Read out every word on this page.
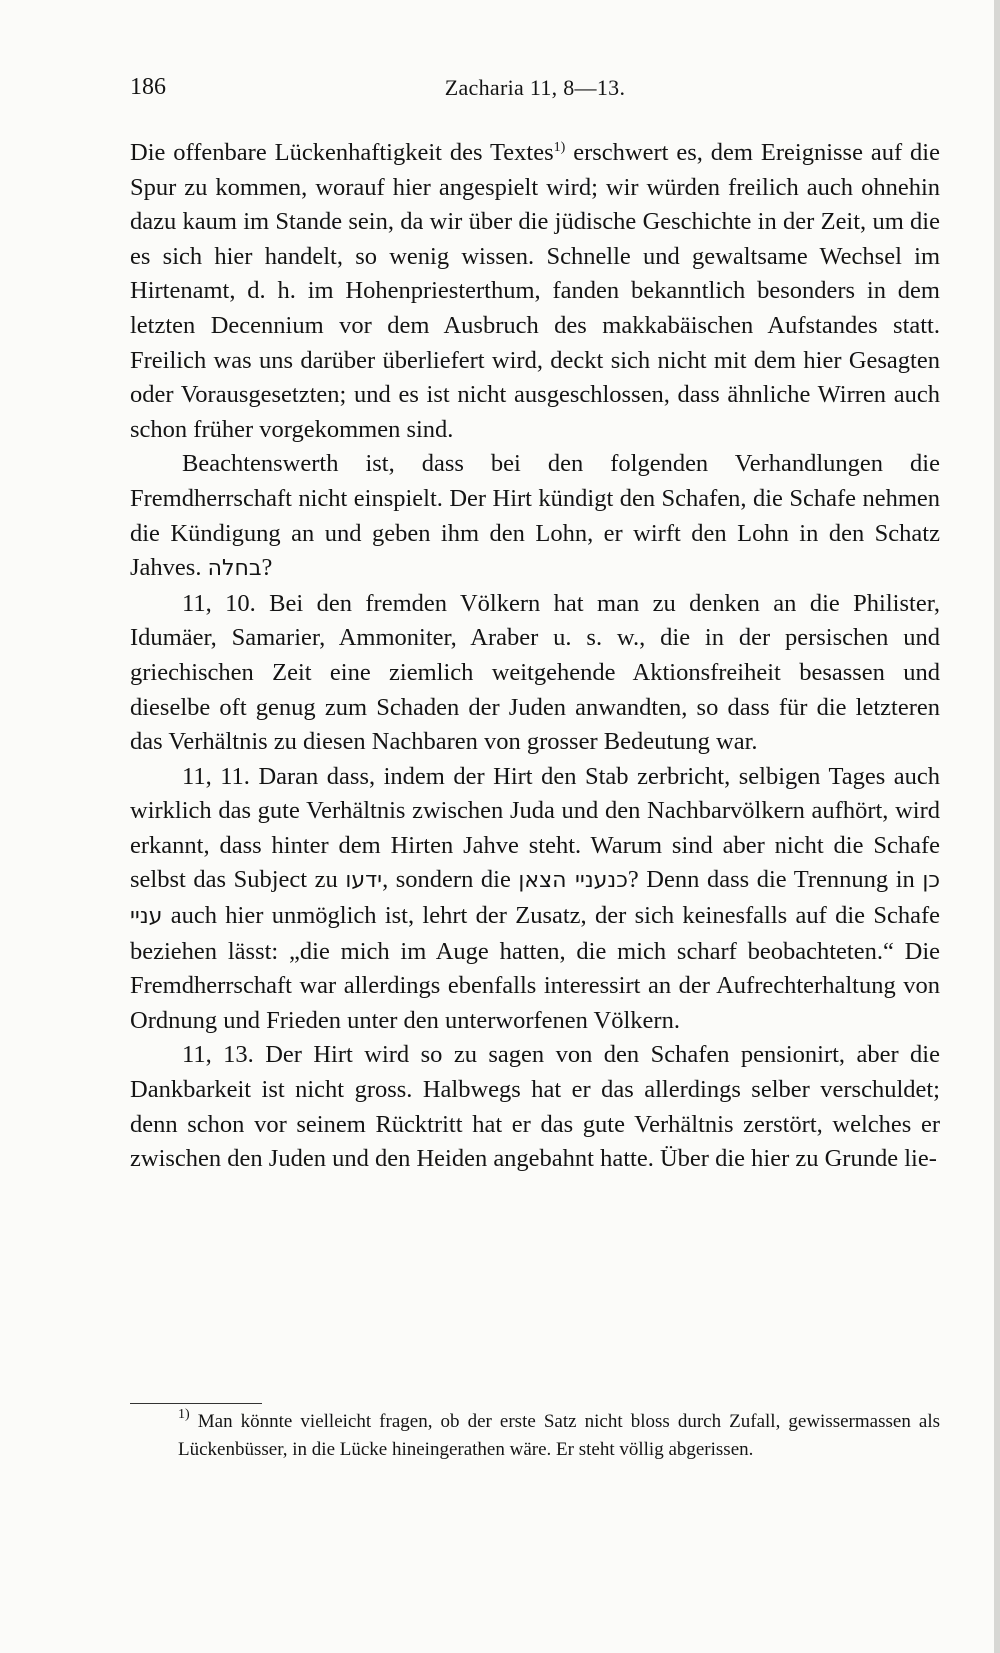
186	Zacharia 11, 8—13.

Die offenbare Lückenhaftigkeit des Textes$^{1)}$ erschwert es, dem Ereignisse auf die Spur zu kommen, worauf hier angespielt wird; wir würden freilich auch ohnehin dazu kaum im Stande sein, da wir über die jüdische Geschichte in der Zeit, um die es sich hier handelt, so wenig wissen. Schnelle und gewaltsame Wechsel im Hirtenamt, d. h. im Hohenpriesterthum, fanden bekanntlich besonders in dem letzten Decennium vor dem Ausbruch des makkabäischen Aufstandes statt. Freilich was uns darüber überliefert wird, deckt sich nicht mit dem hier Gesagten oder Vorausgesetzten; und es ist nicht ausgeschlossen, dass ähnliche Wirren auch schon früher vorgekommen sind.

Beachtenswerth ist, dass bei den folgenden Verhandlungen die Fremdherrschaft nicht einspielt. Der Hirt kündigt den Schafen, die Schafe nehmen die Kündigung an und geben ihm den Lohn, er wirft den Lohn in den Schatz Jahves. בחלה?

11, 10. Bei den fremden Völkern hat man zu denken an die Philister, Idumäer, Samarier, Ammoniter, Araber u. s. w., die in der persischen und griechischen Zeit eine ziemlich weitgehende Aktionsfreiheit besassen und dieselbe oft genug zum Schaden der Juden anwandten, so dass für die letzteren das Verhältnis zu diesen Nachbaren von grosser Bedeutung war.

11, 11. Daran dass, indem der Hirt den Stab zerbricht, selbigen Tages auch wirklich das gute Verhältnis zwischen Juda und den Nachbarvölkern aufhört, wird erkannt, dass hinter dem Hirten Jahve steht. Warum sind aber nicht die Schafe selbst das Subject zu ידעו, sondern die כנעניי הצאן? Denn dass die Trennung in כן עניי auch hier unmöglich ist, lehrt der Zusatz, der sich keinesfalls auf die Schafe beziehen lässt: „die mich im Auge hatten, die mich scharf beobachteten.“ Die Fremdherrschaft war allerdings ebenfalls interessirt an der Aufrechterhaltung von Ordnung und Frieden unter den unterworfenen Völkern.

11, 13. Der Hirt wird so zu sagen von den Schafen pensionirt, aber die Dankbarkeit ist nicht gross. Halbwegs hat er das allerdings selber verschuldet; denn schon vor seinem Rücktritt hat er das gute Verhältnis zerstört, welches er zwischen den Juden und den Heiden angebahnt hatte. Über die hier zu Grunde lie-

$^{1)}$ Man könnte vielleicht fragen, ob der erste Satz nicht bloss durch Zufall, gewissermassen als Lückenbüsser, in die Lücke hineingerathen wäre. Er steht völlig abgerissen.
